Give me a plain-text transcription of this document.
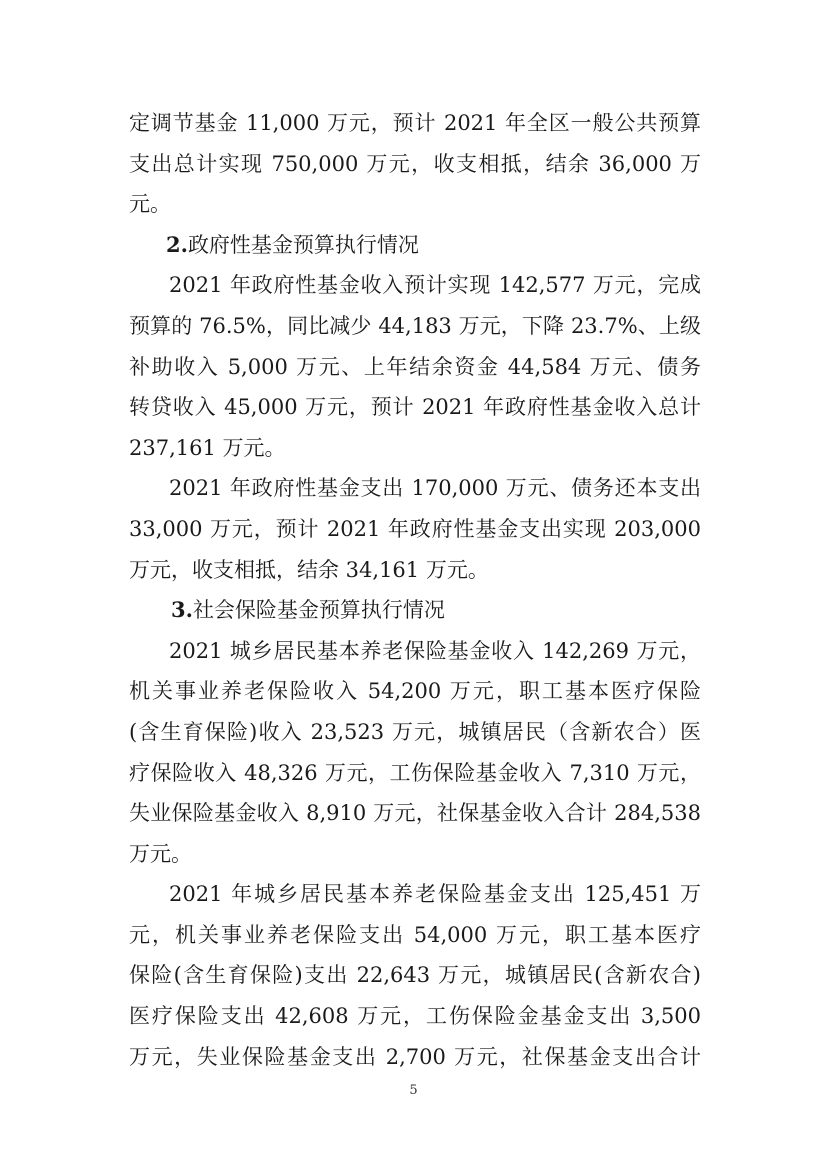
定调节基金 11,000 万元，预计 2021 年全区一般公共预算
支出总计实现 750,000 万元，收支相抵，结余 36,000 万
元。
2.政府性基金预算执行情况
2021 年政府性基金收入预计实现 142,577 万元，完成
预算的 76.5%，同比减少 44,183 万元，下降 23.7%、上级
补助收入 5,000 万元、上年结余资金 44,584 万元、债务
转贷收入 45,000 万元，预计 2021 年政府性基金收入总计
237,161 万元。
2021 年政府性基金支出 170,000 万元、债务还本支出
33,000 万元，预计 2021 年政府性基金支出实现 203,000
万元，收支相抵，结余 34,161 万元。
3.社会保险基金预算执行情况
2021 城乡居民基本养老保险基金收入 142,269 万元，
机关事业养老保险收入 54,200 万元，职工基本医疗保险
(含生育保险)收入 23,523 万元，城镇居民（含新农合）医
疗保险收入 48,326 万元，工伤保险基金收入 7,310 万元，
失业保险基金收入 8,910 万元，社保基金收入合计 284,538
万元。
2021 年城乡居民基本养老保险基金支出 125,451 万
元，机关事业养老保险支出 54,000 万元，职工基本医疗
保险(含生育保险)支出 22,643 万元，城镇居民(含新农合)
医疗保险支出 42,608 万元，工伤保险金基金支出 3,500
万元，失业保险基金支出 2,700 万元，社保基金支出合计
5
